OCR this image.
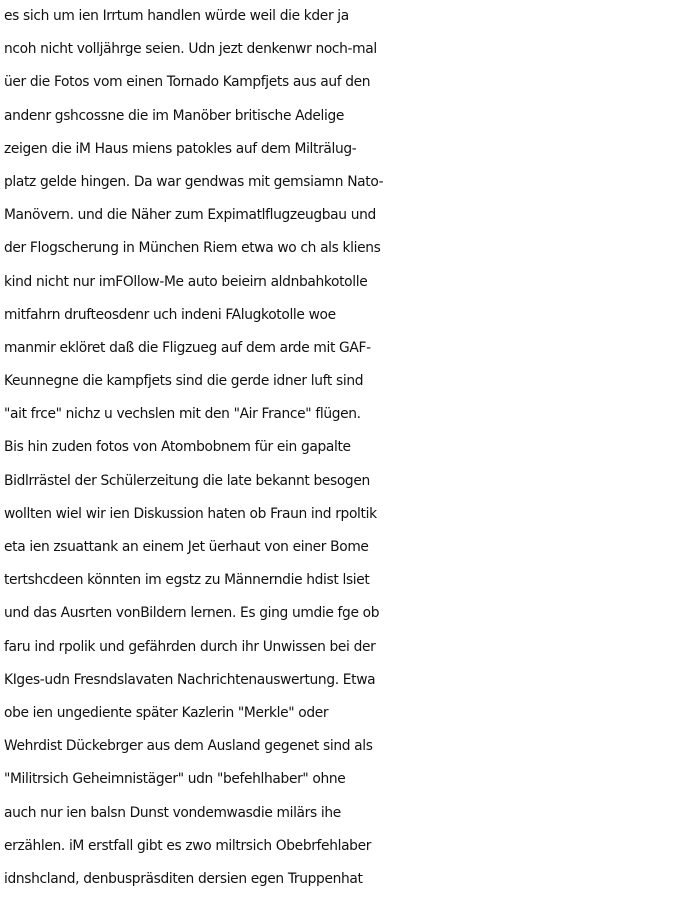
es sich um ien Irrtum handlen würde weil die kder ja
ncoh nicht volljährge seien. Udn jezt denkenwr noch-mal
üer die Fotos vom einen Tornado Kampfjets aus auf den
andenr gshcossne die im Manöber britische Adelige
zeigen die iM Haus miens patokles auf dem Milträlug-
platz gelde hingen. Da war gendwas mit gemsiamn Nato-
Manövern. und die Näher zum Expimatlflugzeugbau und
der Flogscherung in München Riem etwa wo ch als kliens
kind nicht nur imFOllow-Me auto beieirn aldnbahkotolle
mitfahrn drufteosdenr uch indeni FAlugkotolle woe
manmir eklöret daß die Fligzueg auf dem arde mit GAF-
Keunnegne die kampfjets sind die gerde idner luft sind
"ait frce" nichz u vechslen mit den "Air France" flügen.
Bis hin zuden fotos von Atombobnem für ein gapalte
Bidlrrästel der Schülerzeitung die late bekannt besogen
wollten wiel wir ien Diskussion haten ob Fraun ind rpoltik
eta ien zsuattank an einem Jet üerhaut von einer Bome
tertshcdeen könnten im egstz zu Männerndie hdist lsiet
und das Ausrten vonBildern lernen. Es ging umdie fge ob
faru ind rpolik und gefährden durch ihr Unwissen bei der
KIges-udn Fresndslavaten Nachrichtenauswertung. Etwa
obe ien ungediente später Kazlerin "Merkle" oder
Wehrdist Dückebrger aus dem Ausland gegenet sind als
"Militrsich Geheimnistäger" udn "befehlhaber" ohne
auch nur ien balsn Dunst vondemwasdie milärs ihe
erzählen. iM erstfall gibt es zwo miltrsich Obebrfehlaber
idnshcland, denbuspräsditen dersien egen Truppenhat
